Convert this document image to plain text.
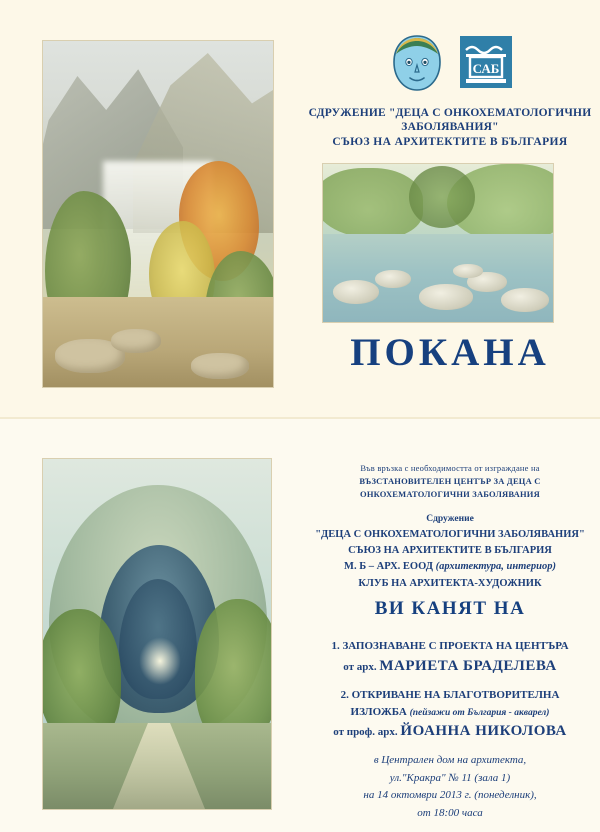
САБ
СДРУЖЕНИЕ "ДЕЦА С ОНКОХЕМАТОЛОГИЧНИ
ЗАБОЛЯВАНИЯ"
СЪЮЗ НА АРХИТЕКТИТЕ В БЪЛГАРИЯ
ПОКАНА
Във връзка с необходимостта от изграждане на
ВЪЗСТАНОВИТЕЛЕН ЦЕНТЪР ЗА ДЕЦА С
ОНКОХЕМАТОЛОГИЧНИ ЗАБОЛЯВАНИЯ
Сдружение
"ДЕЦА С ОНКОХЕМАТОЛОГИЧНИ ЗАБОЛЯВАНИЯ"
СЪЮЗ НА АРХИТЕКТИТЕ В БЪЛГАРИЯ
М. Б – АРХ. ЕООД (архитектура, интериор)
КЛУБ НА АРХИТЕКТА-ХУДОЖНИК
ВИ КАНЯТ НА
1. ЗАПОЗНАВАНЕ С ПРОЕКТА НА ЦЕНТЪРА
от арх. МАРИЕТА БРАДЕЛЕВА
2. ОТКРИВАНЕ НА БЛАГОТВОРИТЕЛНА
ИЗЛОЖБА (пейзажи от България - акварел)
от проф. арх. ЙОАННА НИКОЛОВА
в Централен дом на архитекта,
ул."Кракра" № 11 (зала 1)
на 14 октомври 2013 г. (понеделник),
от 18:00 часа
